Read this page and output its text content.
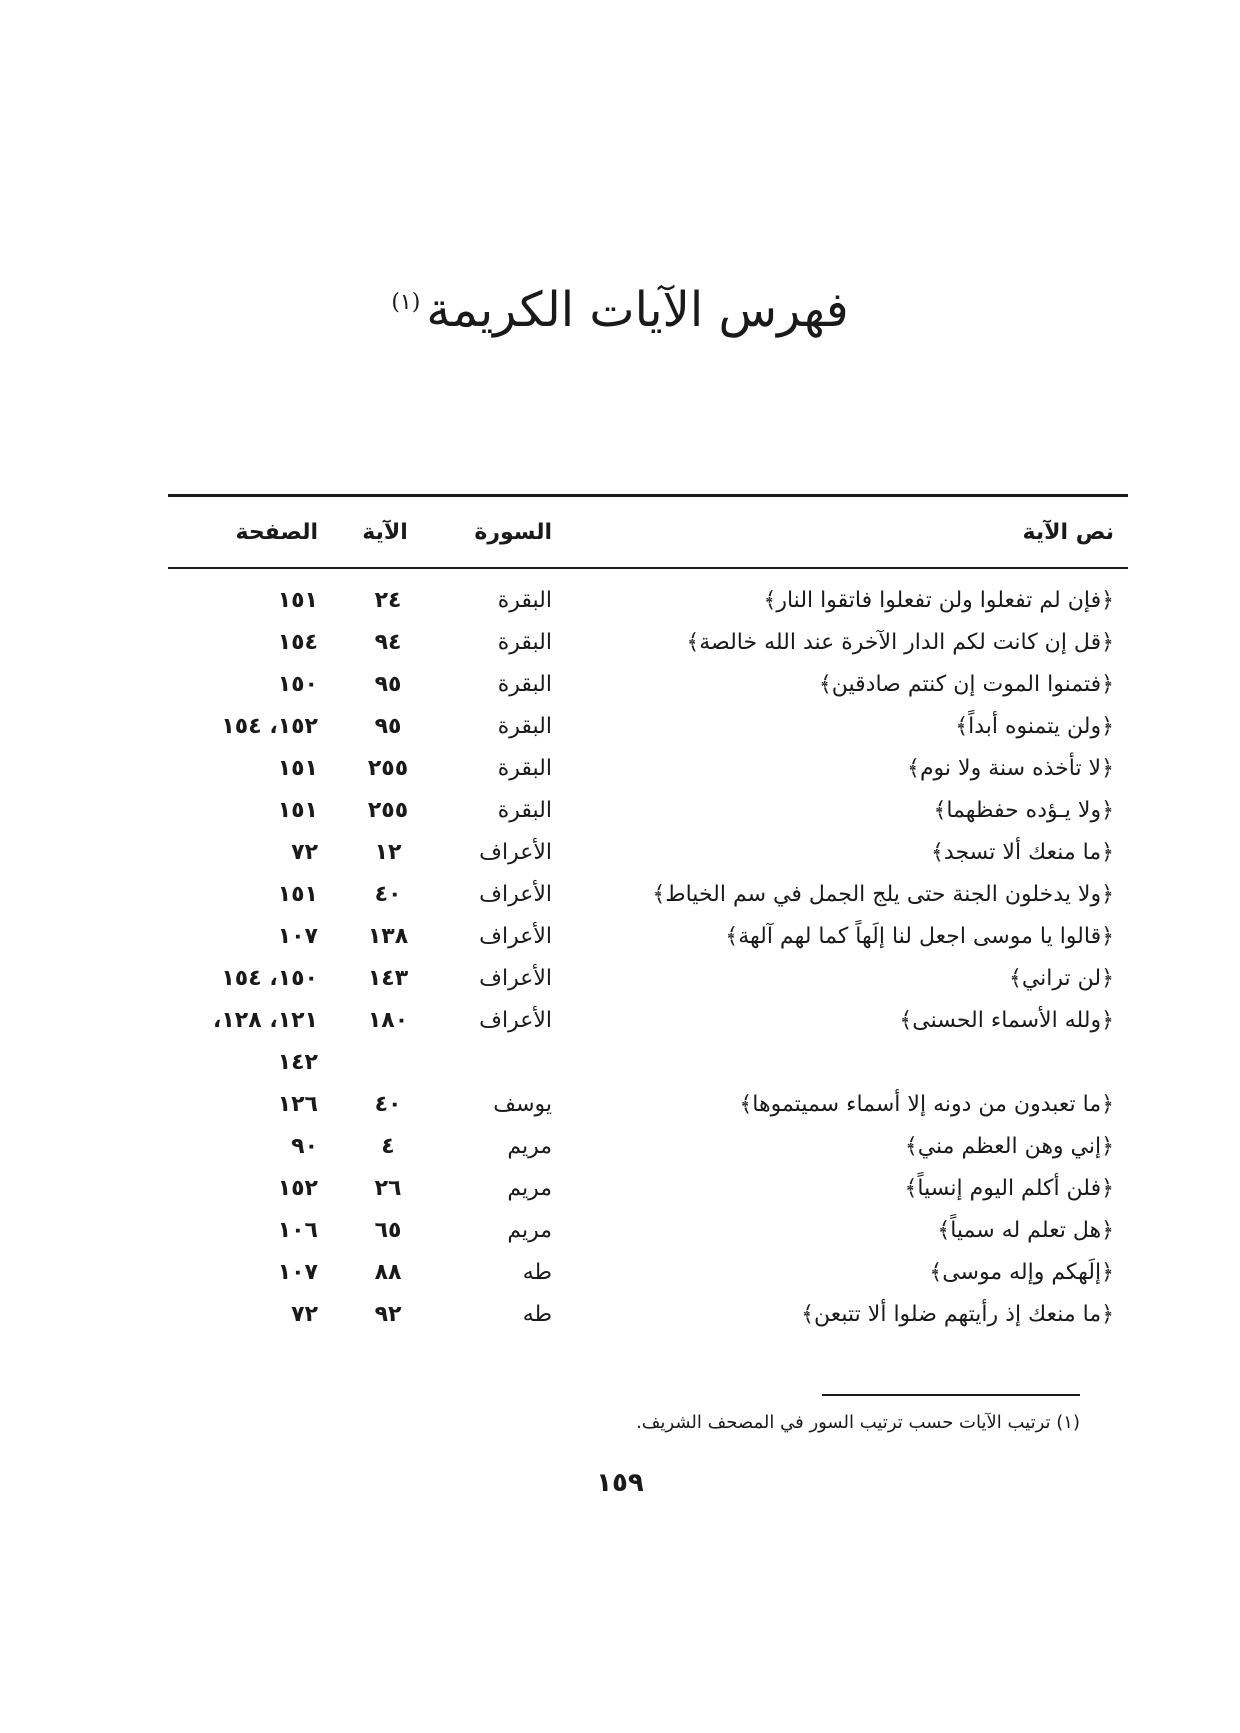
فهرس الآيات الكريمة$^{(١)}$
نص الآية	السورة	الآية	الصفحة
﴿فإن لم تفعلوا ولن تفعلوا فاتقوا النار﴾	البقرة	٢٤	١٥١
﴿قل إن كانت لكم الدار الآخرة عند الله خالصة﴾	البقرة	٩٤	١٥٤
﴿فتمنوا الموت إن كنتم صادقين﴾	البقرة	٩٥	١٥٠
﴿ولن يتمنوه أبداً﴾	البقرة	٩٥	١٥٢، ١٥٤
﴿لا تأخذه سنة ولا نوم﴾	البقرة	٢٥٥	١٥١
﴿ولا يـؤده حفظهما﴾	البقرة	٢٥٥	١٥١
﴿ما منعك ألا تسجد﴾	الأعراف	١٢	٧٢
﴿ولا يدخلون الجنة حتى يلج الجمل في سم الخياط﴾	الأعراف	٤٠	١٥١
﴿قالوا يا موسى اجعل لنا إلَهاً كما لهم آلهة﴾	الأعراف	١٣٨	١٠٧
﴿لن تراني﴾	الأعراف	١٤٣	١٥٠، ١٥٤
﴿ولله الأسماء الحسنى﴾	الأعراف	١٨٠	١٢١، ١٢٨،
			١٤٢
﴿ما تعبدون من دونه إلا أسماء سميتموها﴾	يوسف	٤٠	١٢٦
﴿إني وهن العظم مني﴾	مريم	٤	٩٠
﴿فلن أكلم اليوم إنسياً﴾	مريم	٢٦	١٥٢
﴿هل تعلم له سمياً﴾	مريم	٦٥	١٠٦
﴿إلَهكم وإله موسى﴾	طه	٨٨	١٠٧
﴿ما منعك إذ رأيتهم ضلوا ألا تتبعن﴾	طه	٩٢	٧٢
(١) ترتيب الآيات حسب ترتيب السور في المصحف الشريف.
١٥٩
